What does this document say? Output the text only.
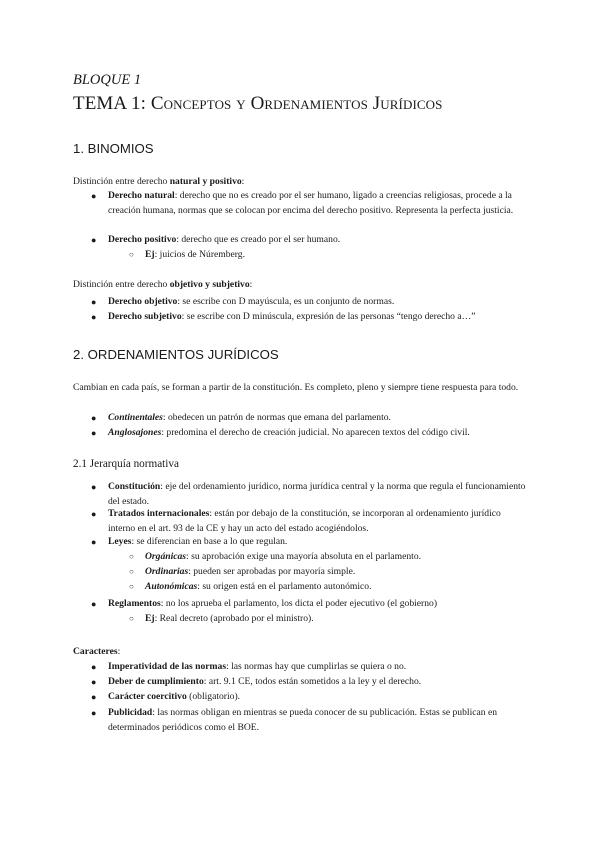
BLOQUE 1
TEMA 1: Conceptos y Ordenamientos Jurídicos
1. BINOMIOS
Distinción entre derecho natural y positivo:
● Derecho natural: derecho que no es creado por el ser humano, ligado a creencias religiosas, procede a la creación humana, normas que se colocan por encima del derecho positivo. Representa la perfecta justicia.
● Derecho positivo: derecho que es creado por el ser humano.
○ Ej: juicios de Núremberg.
Distinción entre derecho objetivo y subjetivo:
● Derecho objetivo: se escribe con D mayúscula, es un conjunto de normas.
● Derecho subjetivo: se escribe con D minúscula, expresión de las personas “tengo derecho a…”
2. ORDENAMIENTOS JURÍDICOS
Cambian en cada país, se forman a partir de la constitución. Es completo, pleno y siempre tiene respuesta para todo.
● Continentales: obedecen un patrón de normas que emana del parlamento.
● Anglosajones: predomina el derecho de creación judicial. No aparecen textos del código civil.
2.1 Jerarquía normativa
● Constitución: eje del ordenamiento jurídico, norma jurídica central y la norma que regula el funcionamiento del estado.
● Tratados internacionales: están por debajo de la constitución, se incorporan al ordenamiento jurídico interno en el art. 93 de la CE y hay un acto del estado acogiéndolos.
● Leyes: se diferencian en base a lo que regulan.
○ Orgánicas: su aprobación exige una mayoría absoluta en el parlamento.
○ Ordinarias: pueden ser aprobadas por mayoría simple.
○ Autonómicas: su origen está en el parlamento autonómico.
● Reglamentos: no los aprueba el parlamento, los dicta el poder ejecutivo (el gobierno)
○ Ej: Real decreto (aprobado por el ministro).
Caracteres:
● Imperatividad de las normas: las normas hay que cumplirlas se quiera o no.
● Deber de cumplimiento: art. 9.1 CE, todos están sometidos a la ley y el derecho.
● Carácter coercitivo (obligatorio).
● Publicidad: las normas obligan en mientras se pueda conocer de su publicación. Estas se publican en determinados periódicos como el BOE.
